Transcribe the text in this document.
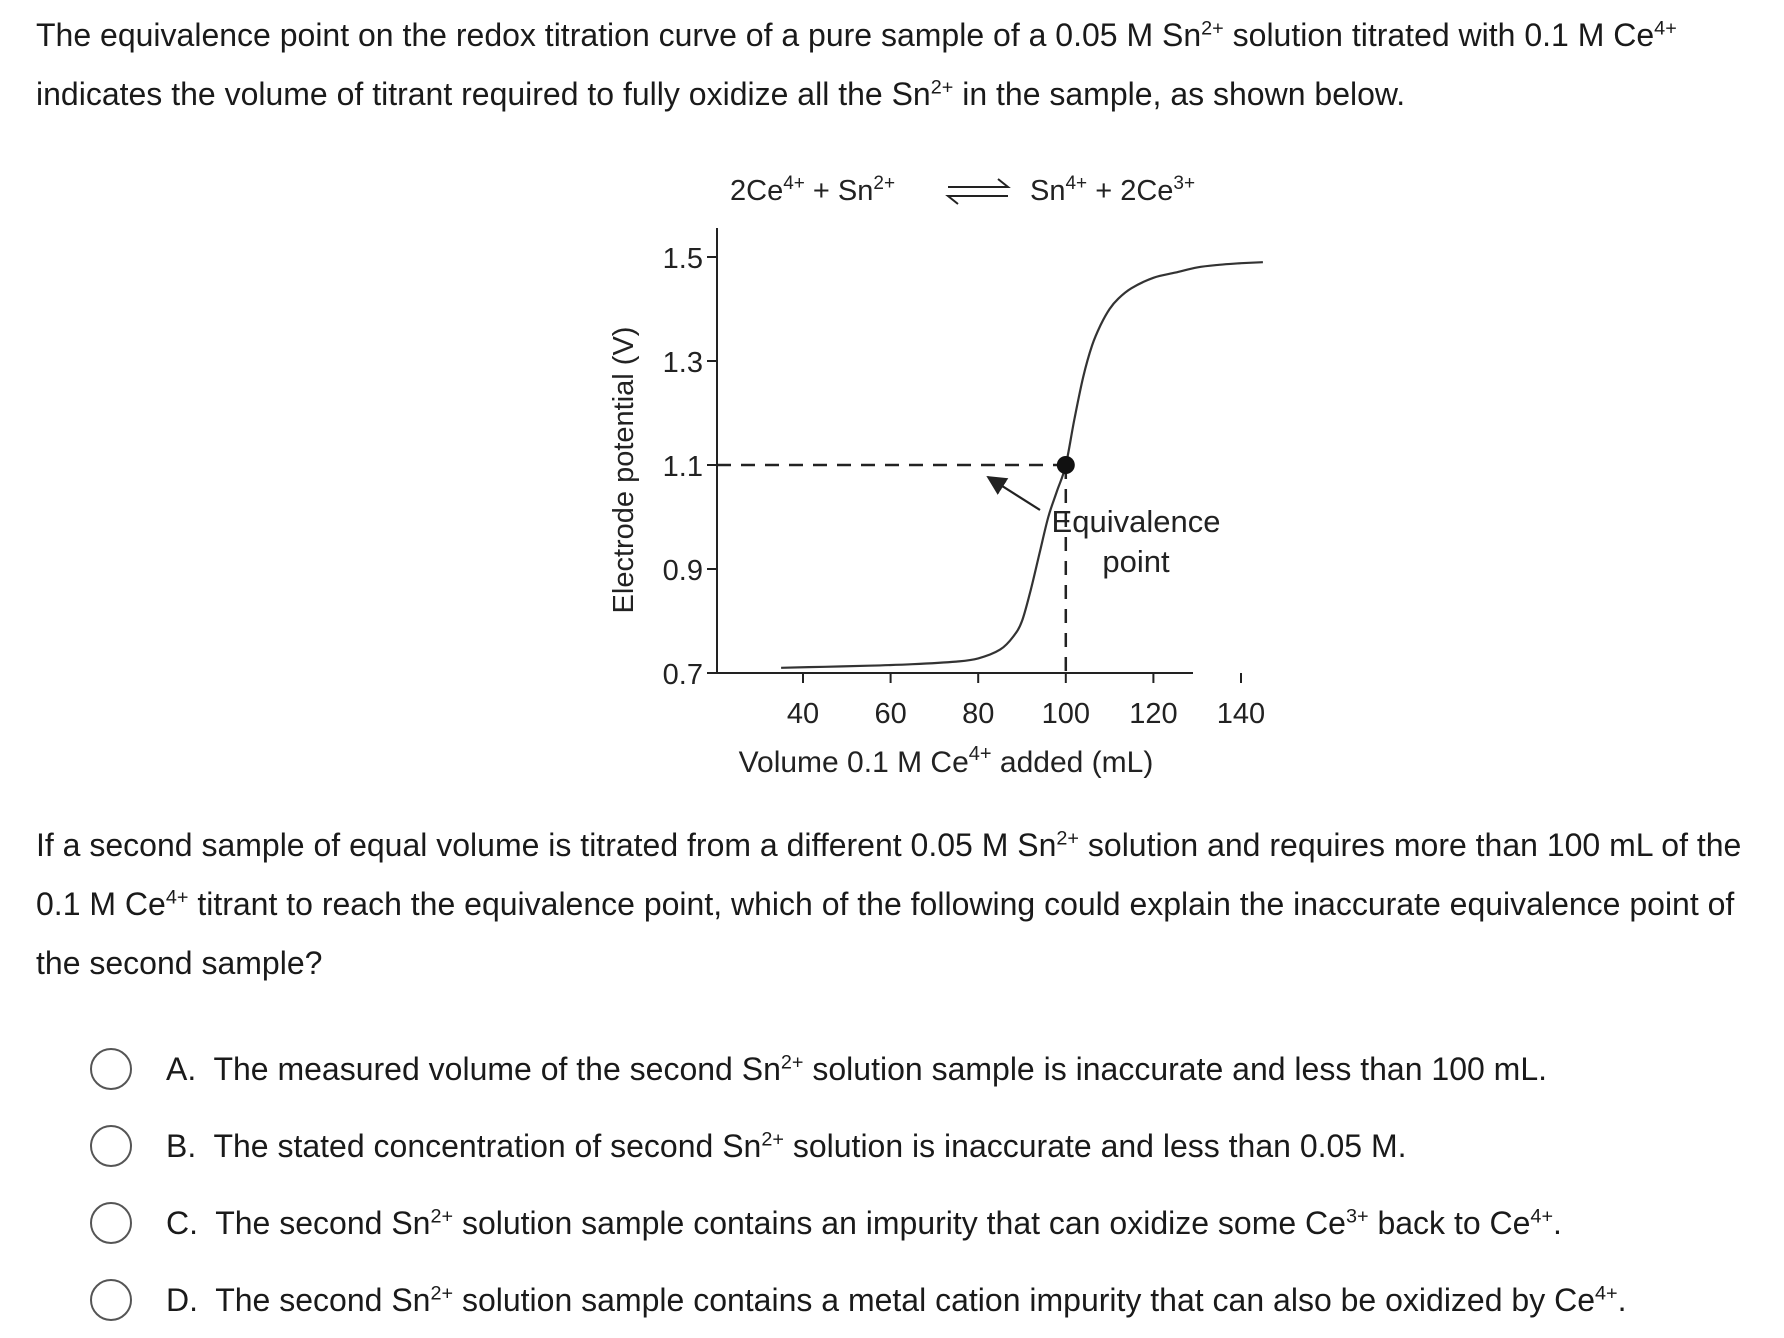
The equivalence point on the redox titration curve of a pure sample of a 0.05 M $Sn^{2+}$ solution titrated with 0.1 M $Ce^{4+}$ indicates the volume of titrant required to fully oxidize all the $Sn^{2+}$ in the sample, as shown below.

$2Ce^{4+} + Sn^{2+}$	$Sn^{4+} + 2Ce^{3+}$
0.7
0.9
1.1
1.3
1.5
40 60 80 100 120 140
Equivalence
point
Volume 0.1 M $Ce^{4+}$ added (mL)
Electrode potential (V)

If a second sample of equal volume is titrated from a different 0.05 M $Sn^{2+}$ solution and requires more than 100 mL of the 0.1 M $Ce^{4+}$ titrant to reach the equivalence point, which of the following could explain the inaccurate equivalence point of the second sample?

A. The measured volume of the second $Sn^{2+}$ solution sample is inaccurate and less than 100 mL.
B. The stated concentration of second $Sn^{2+}$ solution is inaccurate and less than 0.05 M.
C. The second $Sn^{2+}$ solution sample contains an impurity that can oxidize some $Ce^{3+}$ back to $Ce^{4+}$.
D. The second $Sn^{2+}$ solution sample contains a metal cation impurity that can also be oxidized by $Ce^{4+}$.
